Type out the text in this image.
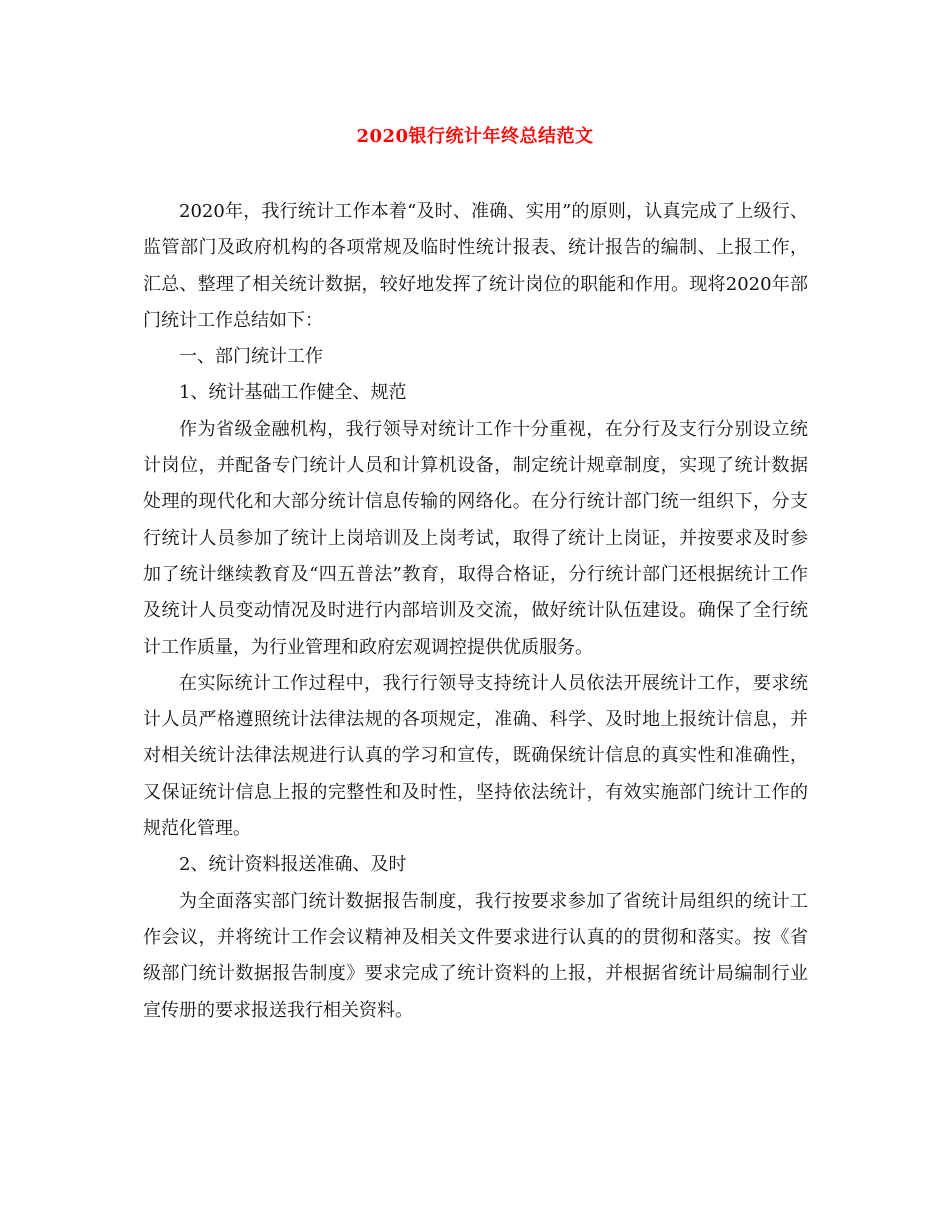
2020银行统计年终总结范文

2020年，我行统计工作本着“及时、准确、实用”的原则，认真完成了上级行、监管部门及政府机构的各项常规及临时性统计报表、统计报告的编制、上报工作，汇总、整理了相关统计数据，较好地发挥了统计岗位的职能和作用。现将2020年部门统计工作总结如下：

一、部门统计工作

1、统计基础工作健全、规范

作为省级金融机构，我行领导对统计工作十分重视，在分行及支行分别设立统计岗位，并配备专门统计人员和计算机设备，制定统计规章制度，实现了统计数据处理的现代化和大部分统计信息传输的网络化。在分行统计部门统一组织下，分支行统计人员参加了统计上岗培训及上岗考试，取得了统计上岗证，并按要求及时参加了统计继续教育及“四五普法”教育，取得合格证，分行统计部门还根据统计工作及统计人员变动情况及时进行内部培训及交流，做好统计队伍建设。确保了全行统计工作质量，为行业管理和政府宏观调控提供优质服务。

在实际统计工作过程中，我行行领导支持统计人员依法开展统计工作，要求统计人员严格遵照统计法律法规的各项规定，准确、科学、及时地上报统计信息，并对相关统计法律法规进行认真的学习和宣传，既确保统计信息的真实性和准确性，又保证统计信息上报的完整性和及时性，坚持依法统计，有效实施部门统计工作的规范化管理。

2、统计资料报送准确、及时

为全面落实部门统计数据报告制度，我行按要求参加了省统计局组织的统计工作会议，并将统计工作会议精神及相关文件要求进行认真的的贯彻和落实。按《省级部门统计数据报告制度》要求完成了统计资料的上报，并根据省统计局编制行业宣传册的要求报送我行相关资料。
